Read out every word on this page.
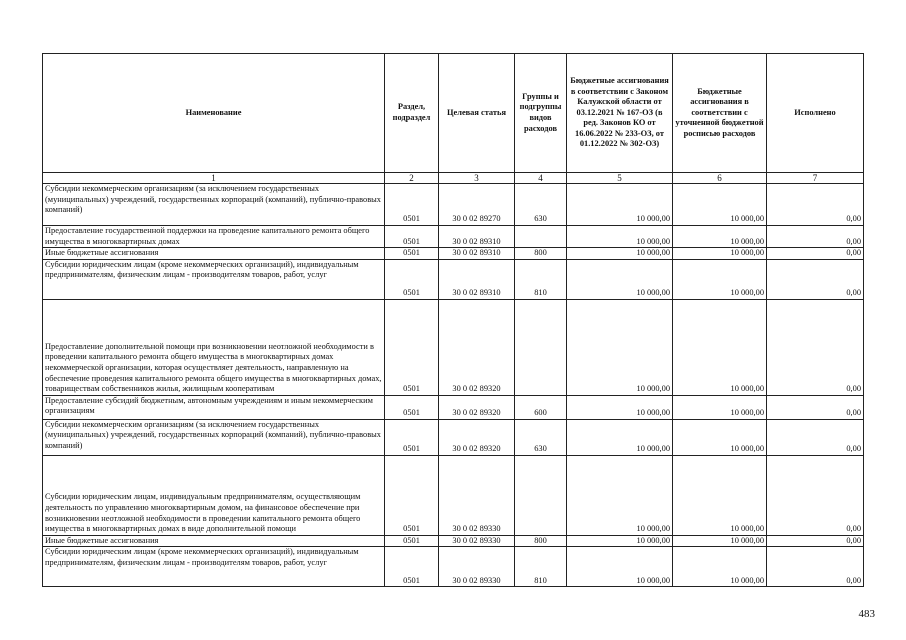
Наименование	Раздел, подраздел	Целевая статья	Группы и подгруппы видов расходов	Бюджетные ассигнования в соответствии с Законом Калужской области от 03.12.2021 № 167-ОЗ (в ред. Законов КО от 16.06.2022 № 233-ОЗ, от 01.12.2022 № 302-ОЗ)	Бюджетные ассигнования в соответствии с уточненной бюджетной росписью расходов	Исполнено
1	2	3	4	5	6	7
Субсидии некоммерческим организациям (за исключением государственных (муниципальных) учреждений, государственных корпораций (компаний), публично-правовых компаний)	0501	30 0 02 89270	630	10 000,00	10 000,00	0,00
Предоставление государственной поддержки на проведение капитального ремонта общего имущества в многоквартирных домах	0501	30 0 02 89310		10 000,00	10 000,00	0,00
Иные бюджетные ассигнования	0501	30 0 02 89310	800	10 000,00	10 000,00	0,00
Субсидии юридическим лицам (кроме некоммерческих организаций), индивидуальным предпринимателям, физическим лицам - производителям товаров, работ, услуг	0501	30 0 02 89310	810	10 000,00	10 000,00	0,00
Предоставление дополнительной помощи при возникновении неотложной необходимости в проведении капитального ремонта общего имущества в многоквартирных домах некоммерческой организации, которая осуществляет деятельность, направленную на обеспечение проведения капитального ремонта общего имущества в многоквартирных домах, товариществам собственников жилья, жилищным кооперативам	0501	30 0 02 89320		10 000,00	10 000,00	0,00
Предоставление субсидий бюджетным, автономным учреждениям и иным некоммерческим организациям	0501	30 0 02 89320	600	10 000,00	10 000,00	0,00
Субсидии некоммерческим организациям (за исключением государственных (муниципальных) учреждений, государственных корпораций (компаний), публично-правовых компаний)	0501	30 0 02 89320	630	10 000,00	10 000,00	0,00
Субсидии юридическим лицам, индивидуальным предпринимателям, осуществляющим деятельность по управлению многоквартирным домом, на финансовое обеспечение при возникновении неотложной необходимости в проведении капитального ремонта общего имущества в многоквартирных домах в виде дополнительной помощи	0501	30 0 02 89330		10 000,00	10 000,00	0,00
Иные бюджетные ассигнования	0501	30 0 02 89330	800	10 000,00	10 000,00	0,00
Субсидии юридическим лицам (кроме некоммерческих организаций), индивидуальным предпринимателям, физическим лицам - производителям товаров, работ, услуг	0501	30 0 02 89330	810	10 000,00	10 000,00	0,00
483
